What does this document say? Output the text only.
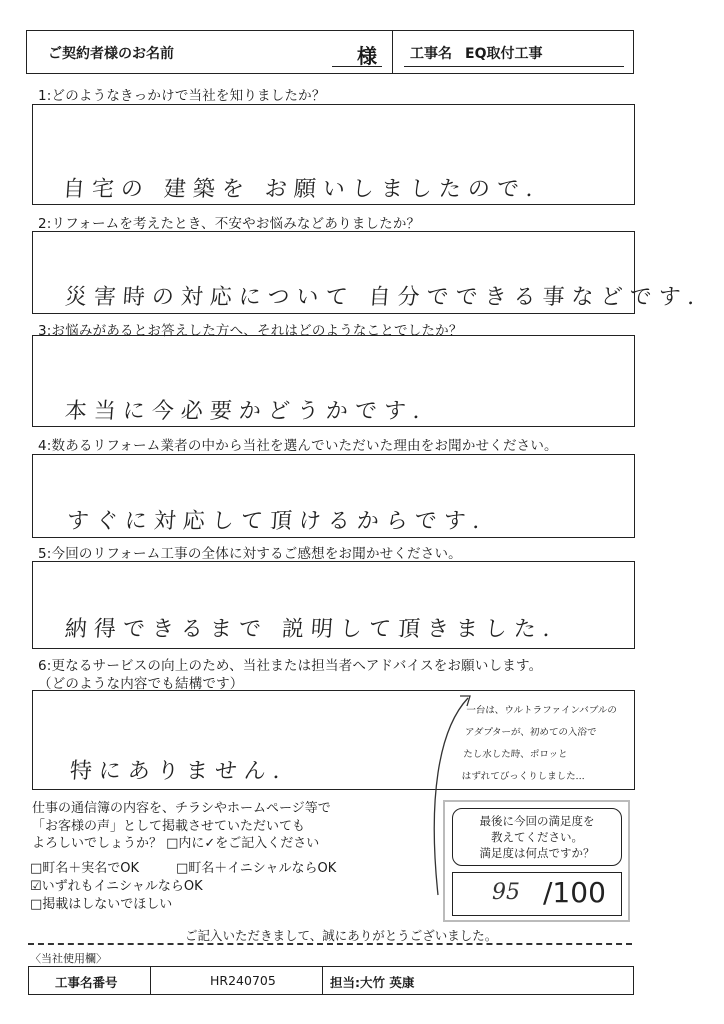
ご契約者様のお名前	様 工事名 EQ取付工事
1:どのようなきっかけで当社を知りましたか？
自宅の 建築を お願いしましたので.
2:リフォームを考えたとき、不安やお悩みなどありましたか？
災害時の対応について 自分でできる事などです.
3:お悩みがあるとお答えした方へ、それはどのようなことでしたか？
本当に今必要かどうかです.
4:数あるリフォーム業者の中から当社を選んでいただいた理由をお聞かせください。
すぐに対応して頂けるからです.
5:今回のリフォーム工事の全体に対するご感想をお聞かせください。
納得できるまで 説明して頂きました.
6:更なるサービスの向上のため、当社または担当者へアドバイスをお願いします。
（どのような内容でも結構です）
特にありません.
一台は、ウルトラファインバブルの
アダプターが、初めての入浴で
たし水した時、ポロッと
はずれてびっくりしました...
仕事の通信簿の内容を、チラシやホームページ等で
「お客様の声」として掲載させていただいても
よろしいでしょうか？ □内に✓をご記入ください
□町名＋実名でOK	□町名＋イニシャルならOK
☑いずれもイニシャルならOK
□掲載はしないでほしい
最後に今回の満足度を
教えてください。
満足度は何点ですか？
95 /100
ご記入いただきまして、誠にありがとうございました。
〈当社使用欄〉
工事名番号	HR240705	担当:大竹 英康
